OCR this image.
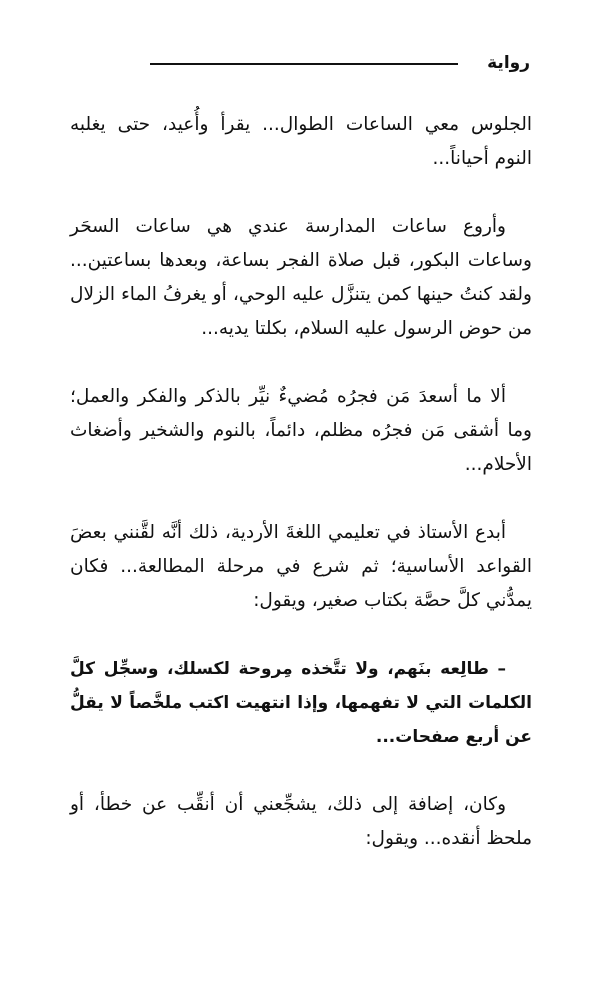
رواية

الجلوس معي الساعات الطوال... يقرأ وأُعيد، حتى يغلبه النوم أحياناً...

وأروع ساعات المدارسة عندي هي ساعات السحَر وساعات البكور، قبل صلاة الفجر بساعة، وبعدها بساعتين... ولقد كنتُ حينها كمن يتنزَّل عليه الوحي، أو يغرفُ الماء الزلال من حوض الرسول عليه السلام، بكلتا يديه...

ألا ما أسعدَ مَن فجرُه مُضيءٌ نيِّر بالذكر والفكر والعمل؛ وما أشقى مَن فجرُه مظلم، دائماً، بالنوم والشخير وأضغاث الأحلام...

أبدع الأستاذ في تعليمي اللغةَ الأردية، ذلك أنَّه لقَّنني بعضَ القواعد الأساسية؛ ثم شرع في مرحلة المطالعة... فكان يمدُّني كلَّ حصَّة بكتاب صغير، ويقول:

– طالِعه بنَهم، ولا تتَّخذه مِروحة لكسلك، وسجِّل كلَّ الكلمات التي لا تفهمها، وإذا انتهيت اكتب ملخَّصاً لا يقلُّ عن أربع صفحات...

وكان، إضافة إلى ذلك، يشجِّعني أن أنقِّب عن خطأ، أو ملحظ أنقده... ويقول:
